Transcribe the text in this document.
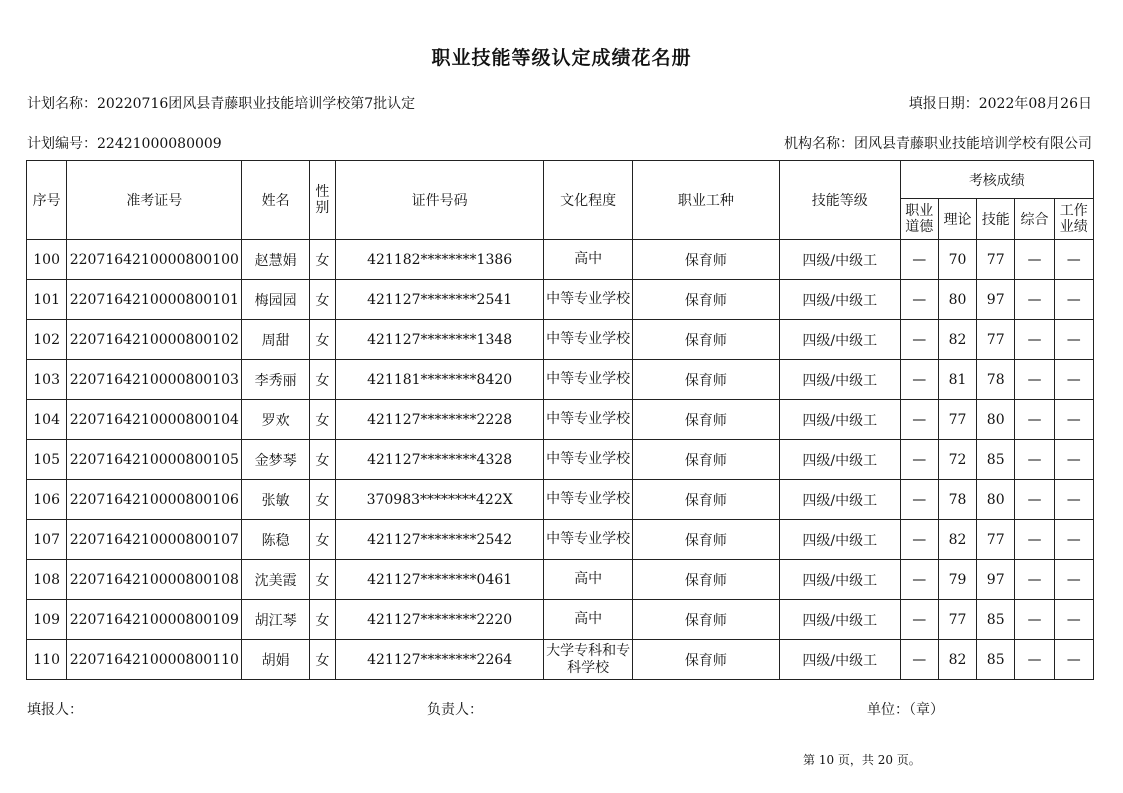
职业技能等级认定成绩花名册
计划名称：20220716团风县青藤职业技能培训学校第7批认定	填报日期：2022年08月26日
计划编号：22421000080009	机构名称：团风县青藤职业技能培训学校有限公司
序号	准考证号	姓名	性别	证件号码	文化程度	职业工种	技能等级	考核成绩				
								职业道德	理论	技能	综合	工作业绩
100	2207164210000800100	赵慧娟	女	421182********1386	高中	保育师	四级/中级工	—	70	77	—	—
101	2207164210000800101	梅园园	女	421127********2541	中等专业学校	保育师	四级/中级工	—	80	97	—	—
102	2207164210000800102	周甜	女	421127********1348	中等专业学校	保育师	四级/中级工	—	82	77	—	—
103	2207164210000800103	李秀丽	女	421181********8420	中等专业学校	保育师	四级/中级工	—	81	78	—	—
104	2207164210000800104	罗欢	女	421127********2228	中等专业学校	保育师	四级/中级工	—	77	80	—	—
105	2207164210000800105	金梦琴	女	421127********4328	中等专业学校	保育师	四级/中级工	—	72	85	—	—
106	2207164210000800106	张敏	女	370983********422X	中等专业学校	保育师	四级/中级工	—	78	80	—	—
107	2207164210000800107	陈稳	女	421127********2542	中等专业学校	保育师	四级/中级工	—	82	77	—	—
108	2207164210000800108	沈美霞	女	421127********0461	高中	保育师	四级/中级工	—	79	97	—	—
109	2207164210000800109	胡江琴	女	421127********2220	高中	保育师	四级/中级工	—	77	85	—	—
110	2207164210000800110	胡娟	女	421127********2264	大学专科和专科学校	保育师	四级/中级工	—	82	85	—	—
填报人：	负责人：	单位：（章）
第 10 页，共 20 页。
